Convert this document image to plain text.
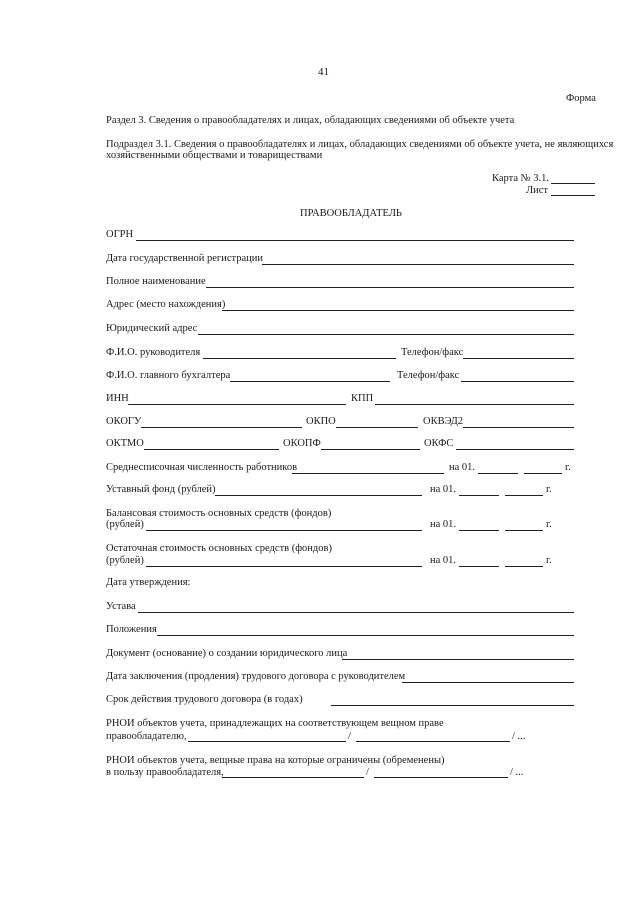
41
Форма
Раздел 3. Сведения о правообладателях и лицах, обладающих сведениями об объекте учета
Подраздел 3.1. Сведения о правообладателях и лицах, обладающих сведениями об объекте учета, не являющихся
хозяйственными обществами и товариществами
Карта № 3.1.
Лист
ПРАВООБЛАДАТЕЛЬ
ОГРН
Дата государственной регистрации
Полное наименование
Адрес (место нахождения)
Юридический адрес
Ф.И.О. руководителя	Телефон/факс
Ф.И.О. главного бухгалтера	Телефон/факс
ИНН	КПП
ОКОГУ	ОКПО	ОКВЭД2
ОКТМО	ОКОПФ	ОКФС
Среднесписочная численность работников	на 01.	г.
Уставный фонд (рублей)	на 01.	г.
Балансовая стоимость основных средств (фондов)
(рублей)	на 01.	г.
Остаточная стоимость основных средств (фондов)
(рублей)	на 01.	г.
Дата утверждения:
Устава
Положения
Документ (основание) о создании юридического лица
Дата заключения (продления) трудового договора с руководителем
Срок действия трудового договора (в годах)
РНОИ объектов учета, принадлежащих на соответствующем вещном праве
правообладателю,	/	/ ...
РНОИ объектов учета, вещные права на которые ограничены (обременены)
в пользу правообладателя,	/	/ ...
